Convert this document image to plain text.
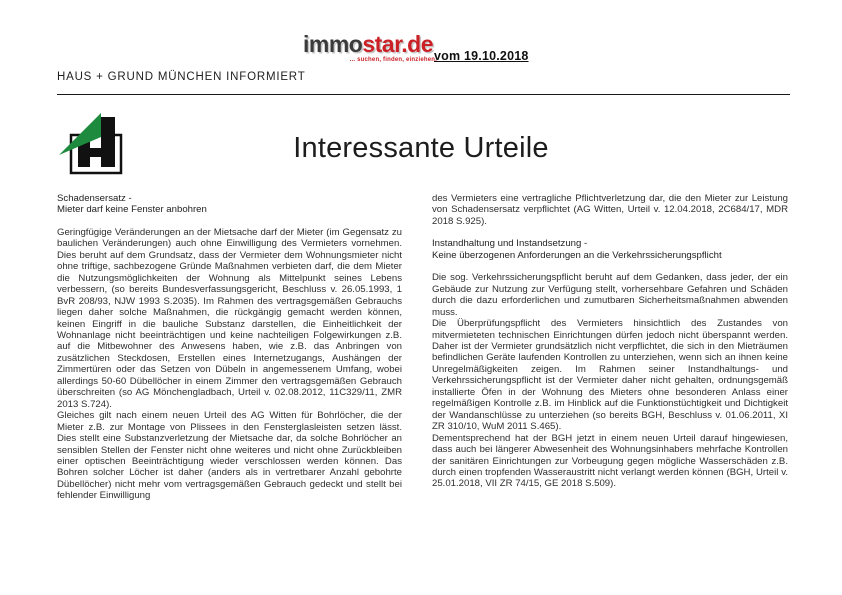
immostar.de
... suchen, finden, einziehen.
vom 19.10.2018
HAUS + GRUND MÜNCHEN INFORMIERT
Interessante Urteile
Schadensersatz -
Mieter darf keine Fenster anbohren

Geringfügige Veränderungen an der Mietsache darf der Mieter (im Gegensatz zu baulichen Veränderungen) auch ohne Einwilligung des Vermieters vornehmen. Dies beruht auf dem Grundsatz, dass der Vermieter dem Wohnungsmieter nicht ohne triftige, sachbezogene Gründe Maßnahmen verbieten darf, die dem Mieter die Nutzungsmöglichkeiten der Wohnung als Mittelpunkt seines Lebens verbessern, (so bereits Bundesverfassungsgericht, Beschluss v. 26.05.1993, 1 BvR 208/93, NJW 1993 S.2035). Im Rahmen des vertragsgemäßen Gebrauchs liegen daher solche Maßnahmen, die rückgängig gemacht werden können, keinen Eingriff in die bauliche Substanz darstellen, die Einheitlichkeit der Wohnanlage nicht beeinträchtigen und keine nachteiligen Folgewirkungen z.B. auf die Mitbewohner des Anwesens haben, wie z.B. das Anbringen von zusätzlichen Steckdosen, Erstellen eines Internetzugangs, Aushängen der Zimmertüren oder das Setzen von Dübeln in angemessenem Umfang, wobei allerdings 50-60 Dübellöcher in einem Zimmer den vertragsgemäßen Gebrauch überschreiten (so AG Mönchengladbach, Urteil v. 02.08.2012, 11C329/11, ZMR 2013 S.724).

Gleiches gilt nach einem neuen Urteil des AG Witten für Bohrlöcher, die der Mieter z.B. zur Montage von Plissees in den Fensterglasleisten setzen lässt. Dies stellt eine Substanzverletzung der Mietsache dar, da solche Bohrlöcher an sensiblen Stellen der Fenster nicht ohne weiteres und nicht ohne Zurückbleiben einer optischen Beeinträchtigung wieder verschlossen werden können. Das Bohren solcher Löcher ist daher (anders als in vertretbarer Anzahl gebohrte Dübellöcher) nicht mehr vom vertragsgemäßen Gebrauch gedeckt und stellt bei fehlender Einwilligung

des Vermieters eine vertragliche Pflichtverletzung dar, die den Mieter zur Leistung von Schadensersatz verpflichtet (AG Witten, Urteil v. 12.04.2018, 2C684/17, MDR 2018 S.925).

Instandhaltung und Instandsetzung -
Keine überzogenen Anforderungen an die Verkehrssicherungspflicht

Die sog. Verkehrssicherungspflicht beruht auf dem Gedanken, dass jeder, der ein Gebäude zur Nutzung zur Verfügung stellt, vorhersehbare Gefahren und Schäden durch die dazu erforderlichen und zumutbaren Sicherheitsmaßnahmen abwenden muss.

Die Überprüfungspflicht des Vermieters hinsichtlich des Zustandes von mitvermieteten technischen Einrichtungen dürfen jedoch nicht überspannt werden. Daher ist der Vermieter grundsätzlich nicht verpflichtet, die sich in den Mieträumen befindlichen Geräte laufenden Kontrollen zu unterziehen, wenn sich an ihnen keine Unregelmäßigkeiten zeigen. Im Rahmen seiner Instandhaltungs- und Verkehrssicherungspflicht ist der Vermieter daher nicht gehalten, ordnungsgemäß installierte Öfen in der Wohnung des Mieters ohne besonderen Anlass einer regelmäßigen Kontrolle z.B. im Hinblick auf die Funktionstüchtigkeit und Dichtigkeit der Wandanschlüsse zu unterziehen (so bereits BGH, Beschluss v. 01.06.2011, XI ZR 310/10, WuM 2011 S.465).

Dementsprechend hat der BGH jetzt in einem neuen Urteil darauf hingewiesen, dass auch bei längerer Abwesenheit des Wohnungsinhabers mehrfache Kontrollen der sanitären Einrichtungen zur Vorbeugung gegen mögliche Wasserschäden z.B. durch einen tropfenden Wasseraustritt nicht verlangt werden können (BGH, Urteil v. 25.01.2018, VII ZR 74/15, GE 2018 S.509).
